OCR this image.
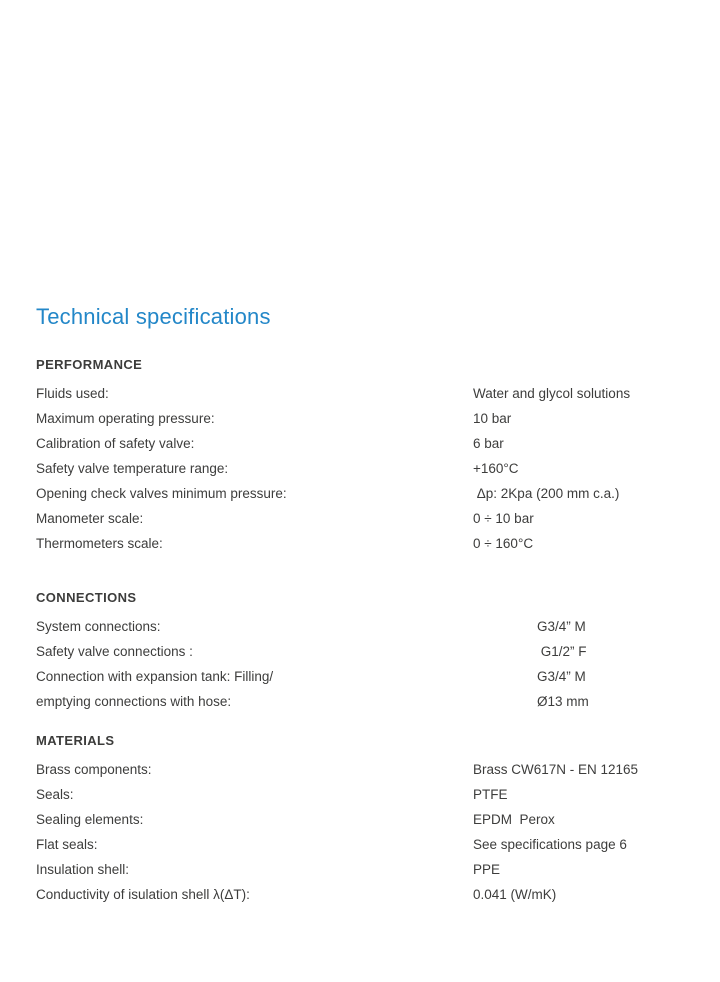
Technical specifications
PERFORMANCE
Fluids used:	Water and glycol solutions
Maximum operating pressure:	10 bar
Calibration of safety valve:	6 bar
Safety valve temperature range:	+160°C
Opening check valves minimum pressure:	Δp: 2Kpa (200 mm c.a.)
Manometer scale:	0 ÷ 10 bar
Thermometers scale:	0 ÷ 160°C
CONNECTIONS
System connections:	G3/4” M
Safety valve connections :	G1/2” F
Connection with expansion tank: Filling/	G3/4” M
emptying connections with hose:	Ø13 mm
MATERIALS
Brass components:	Brass CW617N - EN 12165
Seals:	PTFE
Sealing elements:	EPDM  Perox
Flat seals:	See specifications page 6
Insulation shell:	PPE
Conductivity of isulation shell λ(ΔT):	0.041 (W/mK)
